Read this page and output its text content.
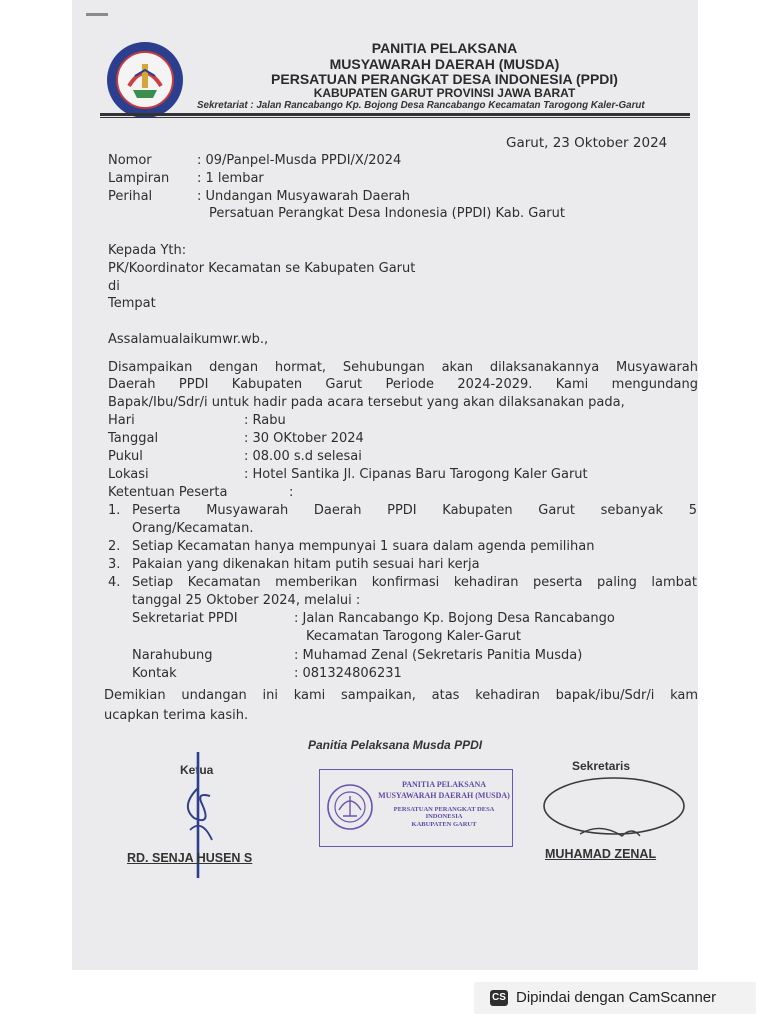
PANITIA PELAKSANA
MUSYAWARAH DAERAH (MUSDA)
PERSATUAN PERANGKAT DESA INDONESIA (PPDI)
KABUPATEN GARUT PROVINSI JAWA BARAT
Sekretariat : Jalan Rancabango Kp. Bojong Desa Rancabango Kecamatan Tarogong Kaler-Garut
Garut, 23 Oktober 2024
Nomor	: 09/Panpel-Musda PPDI/X/2024
Lampiran : 1 lembar
Perihal	: Undangan Musyawarah Daerah
Persatuan Perangkat Desa Indonesia (PPDI) Kab. Garut
Kepada Yth:
PK/Koordinator Kecamatan se Kabupaten Garut
di
Tempat
Assalamualaikumwr.wb.,
Disampaikan dengan hormat, Sehubungan akan dilaksanakannya Musyawarah
Daerah PPDI Kabupaten Garut Periode 2024-2029. Kami mengundang
Bapak/Ibu/Sdr/i untuk hadir pada acara tersebut yang akan dilaksanakan pada,
Hari	: Rabu
Tanggal	: 30 OKtober 2024
Pukul	: 08.00 s.d selesai
Lokasi	: Hotel Santika Jl. Cipanas Baru Tarogong Kaler Garut
Ketentuan Peserta	:
1. Peserta Musyawarah Daerah PPDI Kabupaten Garut sebanyak 5
Orang/Kecamatan.
2. Setiap Kecamatan hanya mempunyai 1 suara dalam agenda pemilihan
3. Pakaian yang dikenakan hitam putih sesuai hari kerja
4. Setiap Kecamatan memberikan konfirmasi kehadiran peserta paling lambat
tanggal 25 Oktober 2024, melalui :
Sekretariat PPDI	: Jalan Rancabango Kp. Bojong Desa Rancabango
Kecamatan Tarogong Kaler-Garut
Narahubung	: Muhamad Zenal (Sekretaris Panitia Musda)
Kontak	: 081324806231
Demikian undangan ini kami sampaikan, atas kehadiran bapak/ibu/Sdr/i kam
ucapkan terima kasih.
Panitia Pelaksana Musda PPDI
Ketua	Sekretaris
PANITIA PELAKSANA
MUSYAWARAH DAERAH (MUSDA)
PERSATUAN PERANGKAT DESA INDONESIA
KABUPATEN GARUT
RD. SENJA HUSEN S	MUHAMAD ZENAL
CS Dipindai dengan CamScanner
